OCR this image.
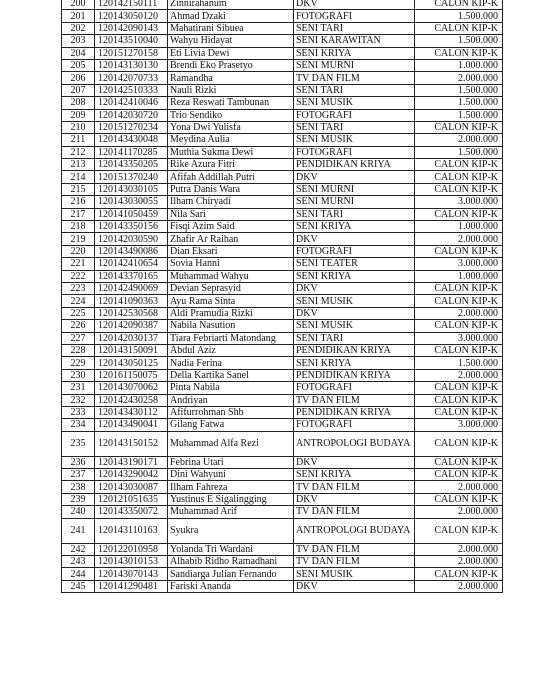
200	120142150111	Zinnirahanum	DKV	CALON KIP-K
201	120143050120	Ahmad Dzaki	FOTOGRAFI	1.500.000
202	120142090143	Mahatirani Sibuea	SENI TARI	CALON KIP-K
203	120143510040	Wahyu Hidayat	SENI KARAWITAN	1.500.000
204	120151270158	Eti Livia Dewi	SENI KRIYA	CALON KIP-K
205	120143130130	Brendi Eko Prasetyo	SENI MURNI	1.000.000
206	120142070733	Ramandha	TV DAN FILM	2.000.000
207	120142510333	Nauli Rizki	SENI TARI	1.500.000
208	120142410046	Reza Reswati Tambunan	SENI MUSIK	1.500.000
209	120142030720	Trio Sendiko	FOTOGRAFI	1.500.000
210	120151270234	Yona Dwi Yulisfa	SENI TARI	CALON KIP-K
211	120143430048	Meydina Aulia	SENI MUSIK	2.000.000
212	120141170285	Muthia Sukma Dewi	FOTOGRAFI	1.500.000
213	120143350205	Rike Azura Fitri	PENDIDIKAN KRIYA	CALON KIP-K
214	120151370240	Afifah Addillah Putri	DKV	CALON KIP-K
215	120143030105	Putra Danis Wara	SENI MURNI	CALON KIP-K
216	120143030055	Ilham Chiryadi	SENI MURNI	3.000.000
217	120141050459	Nila Sari	SENI TARI	CALON KIP-K
218	120143350156	Fisqi Azim Said	SENI KRIYA	1.000.000
219	120142030590	Zhafir Ar Raihan	DKV	2.000.000
220	120143490086	Dian Eksari	FOTOGRAFI	CALON KIP-K
221	120142410654	Sovia Hanni	SENI TEATER	3.000.000
222	120143370165	Muhammad Wahyu	SENI KRIYA	1.000.000
223	120142490069	Devian Seprasyid	DKV	CALON KIP-K
224	120141090363	Ayu Rama Sinta	SENI MUSIK	CALON KIP-K
225	120142530568	Aldi Pramudia Rizki	DKV	2.000.000
226	120142090387	Nabila Nasution	SENI MUSIK	CALON KIP-K
227	120142030137	Tiara Febriarti Matondang	SENI TARI	3.000.000
228	120143150091	Abdul Aziz	PENDIDIKAN KRIYA	CALON KIP-K
229	120143050125	Nadia Ferina	SENI KRIYA	1.500.000
230	120161150075	Della Kartika Sanel	PENDIDIKAN KRIYA	2.000.000
231	120143070062	Pinta Nabila	FOTOGRAFI	CALON KIP-K
232	120142430258	Andriyan	TV DAN FILM	CALON KIP-K
233	120143430112	Afifurrohman Shb	PENDIDIKAN KRIYA	CALON KIP-K
234	120143490041	Gilang Fatwa	FOTOGRAFI	3.000.000
235	120143150152	Muhammad Alfa Rezi	ANTROPOLOGI BUDAYA	CALON KIP-K
236	120143190171	Febrina Utari	DKV	CALON KIP-K
237	120143290042	Dini Wahyuni	SENI KRIYA	CALON KIP-K
238	120143030087	Ilham Fahreza	TV DAN FILM	2.000.000
239	120121051635	Yustinus E Sigalingging	DKV	CALON KIP-K
240	120143350072	Muhammad Arif	TV DAN FILM	2.000.000
241	120143110163	Syukra	ANTROPOLOGI BUDAYA	CALON KIP-K
242	120122010958	Yolanda Tri Wardani	TV DAN FILM	2.000.000
243	120143010153	Alhabib Ridho Ramadhani	TV DAN FILM	2.000.000
244	120143070143	Sandiarga Julian Fernando	SENI MUSIK	CALON KIP-K
245	120141290481	Fariski Ananda	DKV	2.000.000
